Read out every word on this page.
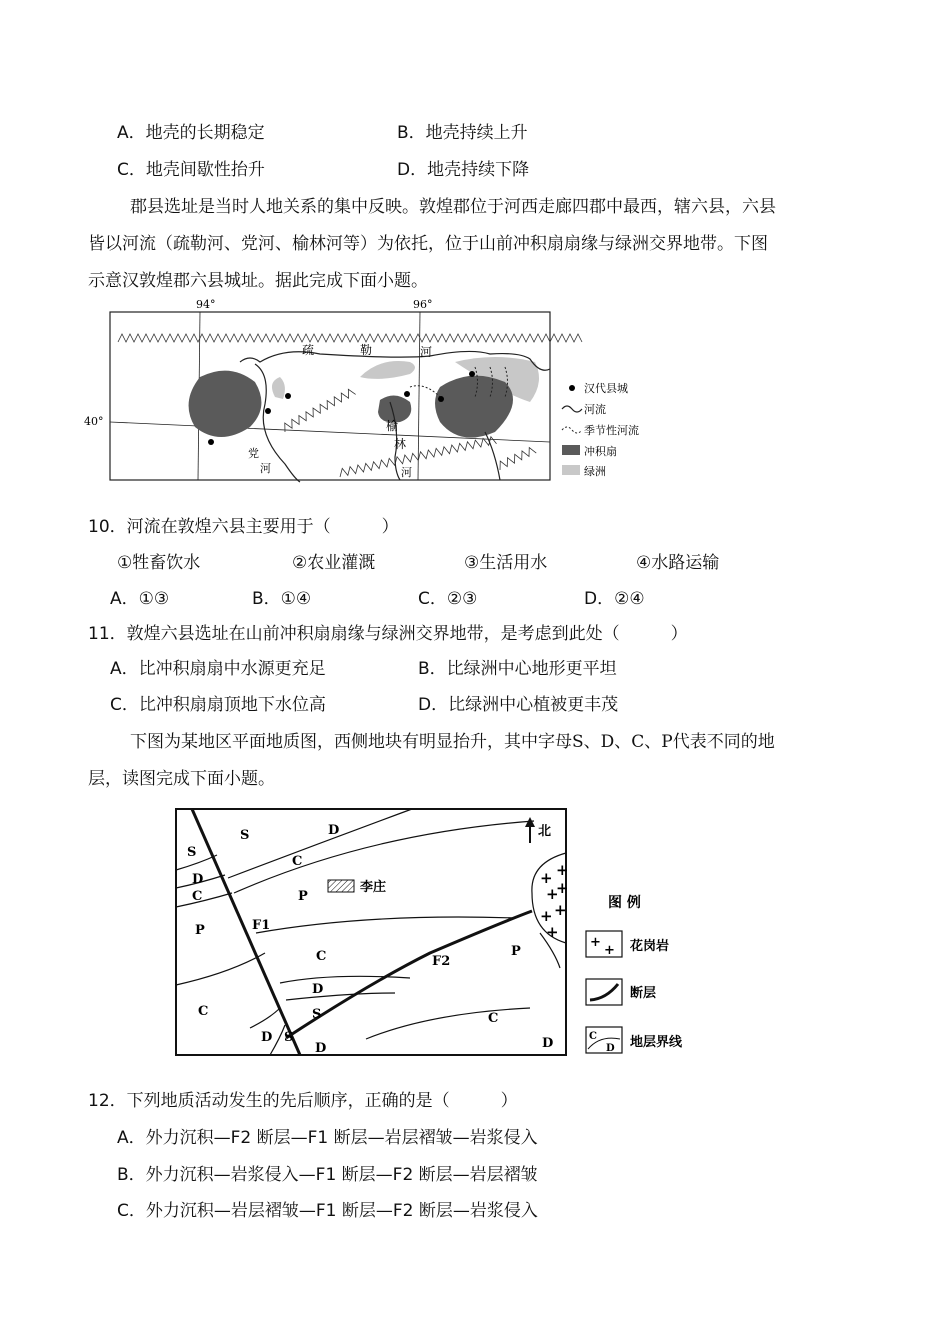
A．地壳的长期稳定	B．地壳持续上升
C．地壳间歇性抬升	D．地壳持续下降
郡县选址是当时人地关系的集中反映。敦煌郡位于河西走廊四郡中最西，辖六县，六县
皆以河流（疏勒河、党河、榆林河等）为依托，位于山前冲积扇扇缘与绿洲交界地带。下图
示意汉敦煌郡六县城址。据此完成下面小题。
94°	96°
40°
疏	勒	河
榆
林
河
党
河
汉代县城
河流
季节性河流
冲积扇
绿洲
10．河流在敦煌六县主要用于（　　　）
①牲畜饮水	②农业灌溉	③生活用水	④水路运输
A．①③	B．①④	C．②③	D．②④
11．敦煌六县选址在山前冲积扇扇缘与绿洲交界地带，是考虑到此处（　　　）
A．比冲积扇扇中水源更充足	B．比绿洲中心地形更平坦
C．比冲积扇扇顶地下水位高	D．比绿洲中心植被更丰茂
下图为某地区平面地质图，西侧地块有明显抬升，其中字母S、D、C、P代表不同的地
层，读图完成下面小题。
+ +
+
+
+ +
+
S	D
S
D
C
C
P
P
C	P
C
D
S
D S
D
C
D
F1
F2
李庄
北
图 例
+
+ 花岗岩
断层
C
D 地层界线
12．下列地质活动发生的先后顺序，正确的是（　　　）
A．外力沉积—F2 断层—F1 断层—岩层褶皱—岩浆侵入
B．外力沉积—岩浆侵入—F1 断层—F2 断层—岩层褶皱
C．外力沉积—岩层褶皱—F1 断层—F2 断层—岩浆侵入
